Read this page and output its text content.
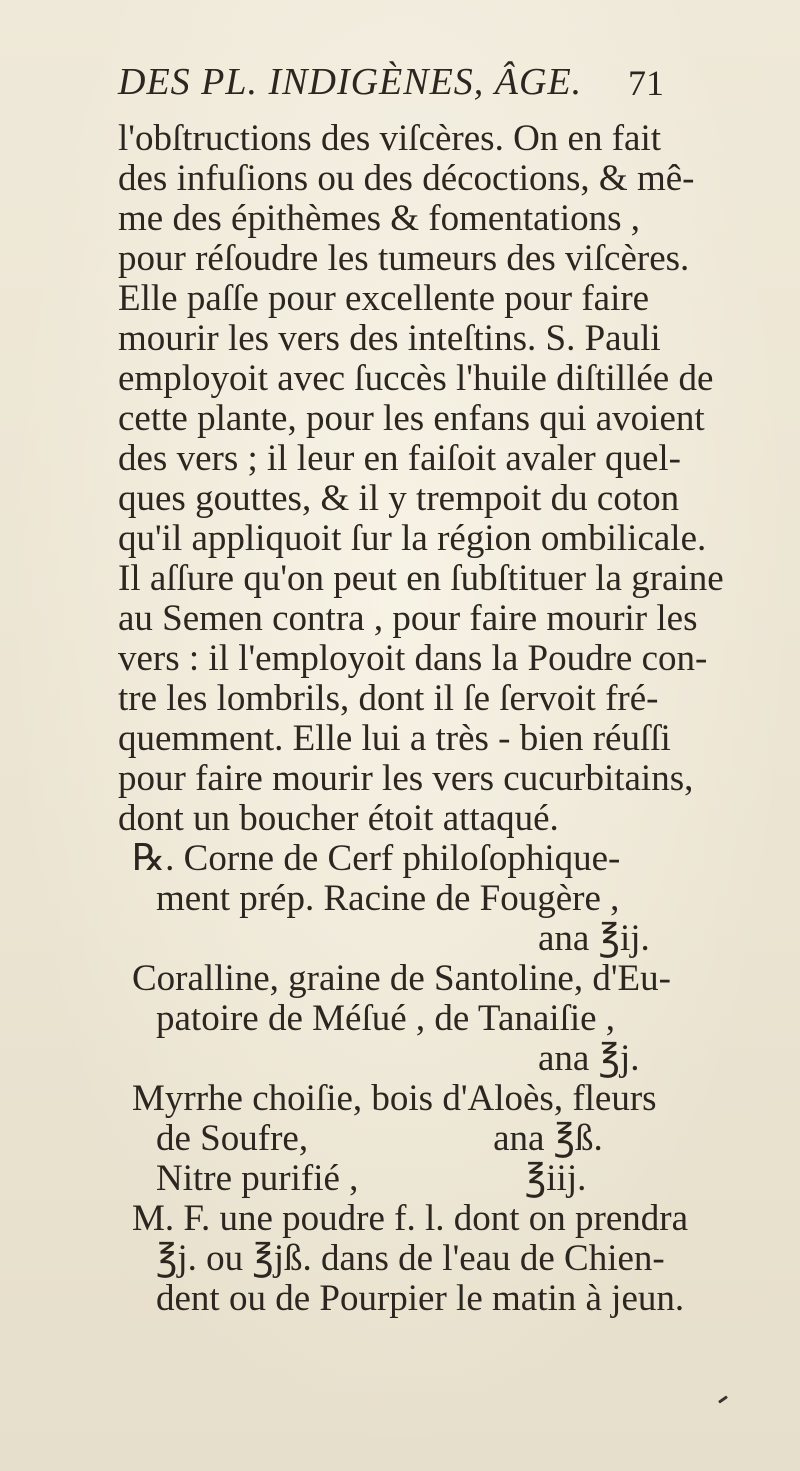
DES PL. INDIGÈNES, ÂGE. 71
l'obſtructions des viſcères. On en fait
des infuſions ou des décoctions, & mê-
me des épithèmes & fomentations ,
pour réſoudre les tumeurs des viſcères.
Elle paſſe pour excellente pour faire
mourir les vers des inteſtins. S. Pauli
employoit avec ſuccès l'huile diſtillée de
cette plante, pour les enfans qui avoient
des vers ; il leur en faiſoit avaler quel-
ques gouttes, & il y trempoit du coton
qu'il appliquoit ſur la région ombilicale.
Il aſſure qu'on peut en ſubſtituer la graine
au Semen contra , pour faire mourir les
vers : il l'employoit dans la Poudre con-
tre les lombrils, dont il ſe ſervoit fré-
quemment. Elle lui a très - bien réuſſi
pour faire mourir les vers cucurbitains,
dont un boucher étoit attaqué.
℞. Corne de Cerf philoſophique-
ment prép. Racine de Fougère ,
ana ℥ij.
Coralline, graine de Santoline, d'Eu-
patoire de Méſué , de Tanaiſie ,
ana ℥j.
Myrrhe choiſie, bois d'Aloès, fleurs
de Soufre,                    ana ℥ß.
Nitre purifié ,                  ℥iij.
M. F. une poudre f. l. dont on prendra
℥j. ou ℥jß. dans de l'eau de Chien-
dent ou de Pourpier le matin à jeun.
